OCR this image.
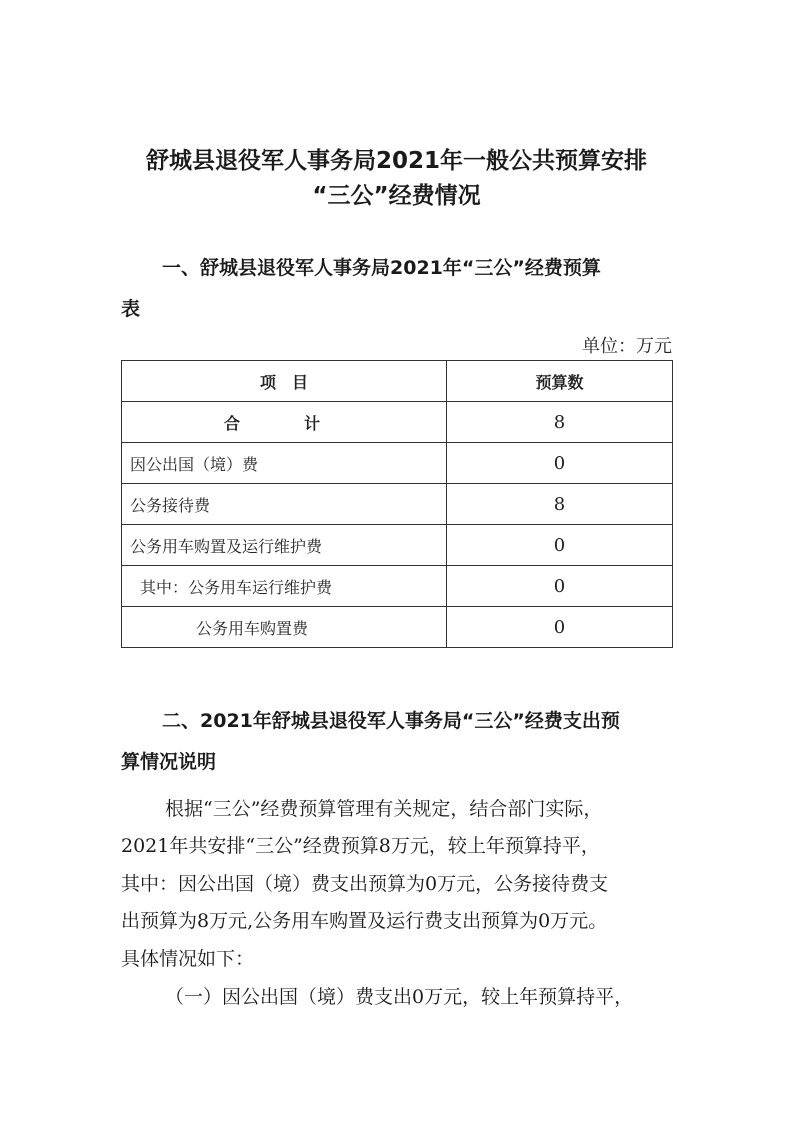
舒城县退役军人事务局2021年一般公共预算安排
“三公”经费情况
一、舒城县退役军人事务局2021年“三公”经费预算
表
单位：万元
项　目	预算数
合　计	8
因公出国（境）费	0
公务接待费	8
公务用车购置及运行维护费	0
其中：公务用车运行维护费	0
公务用车购置费	0
二、2021年舒城县退役军人事务局“三公”经费支出预
算情况说明
根据“三公”经费预算管理有关规定，结合部门实际，
2021年共安排“三公”经费预算8万元，较上年预算持平，
其中：因公出国（境）费支出预算为0万元，公务接待费支
出预算为8万元,公务用车购置及运行费支出预算为0万元。
具体情况如下：
（一）因公出国（境）费支出0万元，较上年预算持平，
